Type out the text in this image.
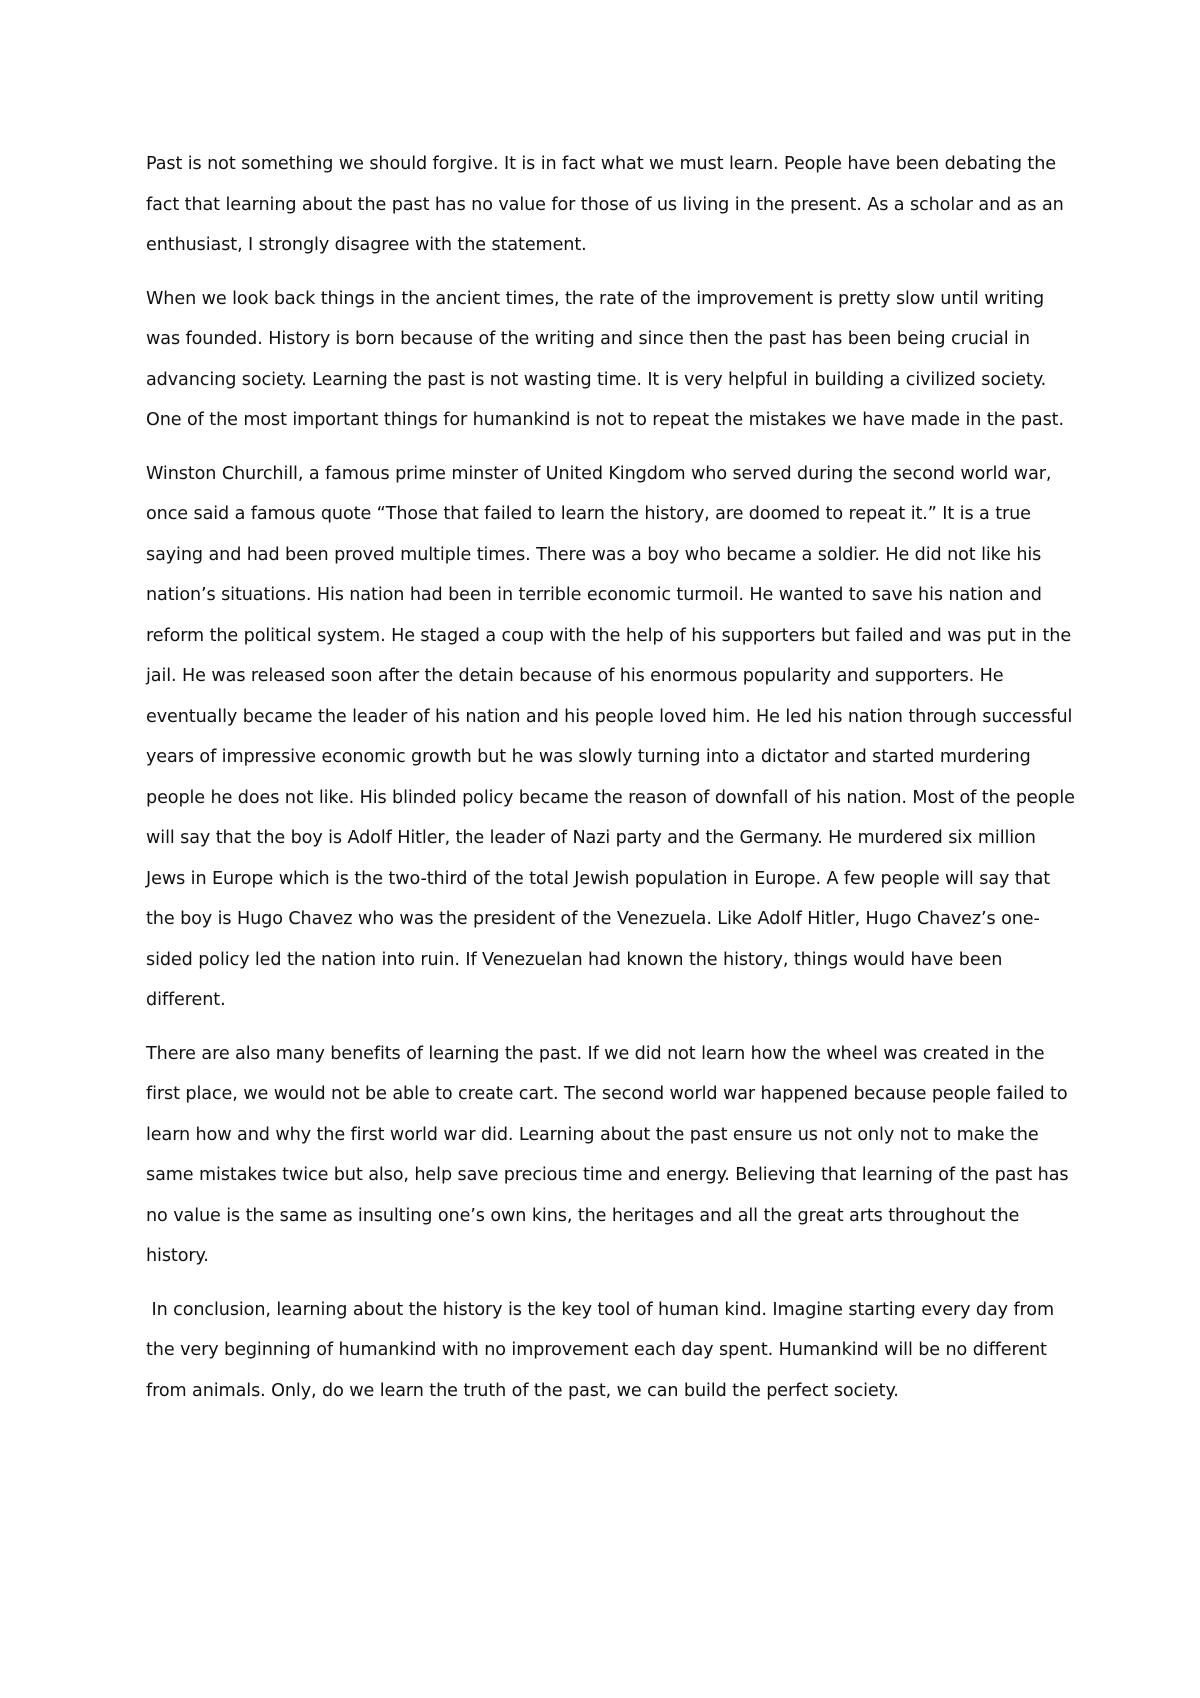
Past is not something we should forgive. It is in fact what we must learn. People have been debating the fact that learning about the past has no value for those of us living in the present. As a scholar and as an enthusiast, I strongly disagree with the statement.

When we look back things in the ancient times, the rate of the improvement is pretty slow until writing was founded. History is born because of the writing and since then the past has been being crucial in advancing society. Learning the past is not wasting time. It is very helpful in building a civilized society. One of the most important things for humankind is not to repeat the mistakes we have made in the past.

Winston Churchill, a famous prime minster of United Kingdom who served during the second world war, once said a famous quote “Those that failed to learn the history, are doomed to repeat it.” It is a true saying and had been proved multiple times. There was a boy who became a soldier. He did not like his nation’s situations. His nation had been in terrible economic turmoil. He wanted to save his nation and reform the political system. He staged a coup with the help of his supporters but failed and was put in the jail. He was released soon after the detain because of his enormous popularity and supporters. He eventually became the leader of his nation and his people loved him. He led his nation through successful years of impressive economic growth but he was slowly turning into a dictator and started murdering people he does not like. His blinded policy became the reason of downfall of his nation. Most of the people will say that the boy is Adolf Hitler, the leader of Nazi party and the Germany. He murdered six million Jews in Europe which is the two-third of the total Jewish population in Europe. A few people will say that the boy is Hugo Chavez who was the president of the Venezuela. Like Adolf Hitler, Hugo Chavez’s one-sided policy led the nation into ruin. If Venezuelan had known the history, things would have been different.

There are also many benefits of learning the past. If we did not learn how the wheel was created in the first place, we would not be able to create cart. The second world war happened because people failed to learn how and why the first world war did. Learning about the past ensure us not only not to make the same mistakes twice but also, help save precious time and energy. Believing that learning of the past has no value is the same as insulting one’s own kins, the heritages and all the great arts throughout the history.

In conclusion, learning about the history is the key tool of human kind. Imagine starting every day from the very beginning of humankind with no improvement each day spent. Humankind will be no different from animals. Only, do we learn the truth of the past, we can build the perfect society.
